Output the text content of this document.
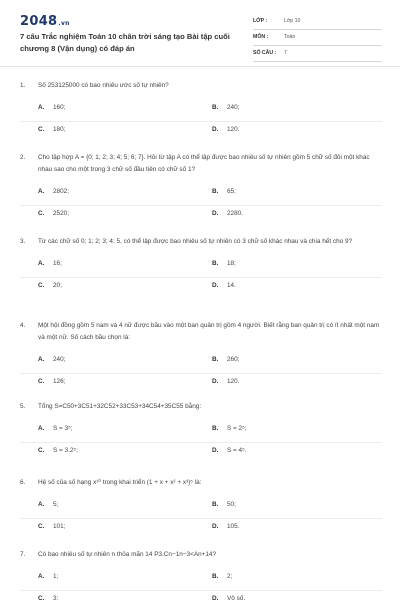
2048.vn
7 câu Trắc nghiệm Toán 10 chân trời sáng tạo Bài tập cuối chương 8 (Vận dụng) có đáp án
LỚP :	Lớp 10
MÔN :	Toán
SỐ CÂU : 7
1. Số 253125000 có bao nhiêu ước số tự nhiên?
A. 160;	B. 240;
C. 180;	D. 120.
2. Cho tập hợp A = {0; 1; 2; 3; 4; 5; 6; 7}. Hỏi từ tập A có thể lập được bao nhiêu số tự nhiên gồm 5 chữ số đôi một khác nhau sao cho một trong 3 chữ số đầu tiên có chữ số 1?
A. 2802;	B. 65;
C. 2520;	D. 2280.
3. Từ các chữ số 0; 1; 2; 3; 4; 5, có thể lập được bao nhiêu số tự nhiên có 3 chữ số khác nhau và chia hết cho 9?
A. 16;	B. 18;
C. 20;	D. 14.
4. Một hội đồng gồm 5 nam và 4 nữ được bầu vào một ban quản trị gồm 4 người. Biết rằng ban quản trị có ít nhất một nam và một nữ. Số cách bầu chọn là:
A. 240;	B. 260;
C. 126;	D. 120.
5. Tổng S=C50+3C51+32C52+33C53+34C54+35C55 bằng:
A. S = 3⁵;	B. S = 2⁵;
C. S = 3.2⁵;	D. S = 4⁵.
6. Hệ số của số hạng x¹⁰ trong khai triển (1 + x + x² + x³)⁵ là:
A. 5;	B. 50;
C. 101;	D. 105.
7. Có bao nhiêu số tự nhiên n thỏa mãn 14 P3.Cn−1n−3<An+14?
A. 1;	B. 2;
C. 3;	D. Vô số.
